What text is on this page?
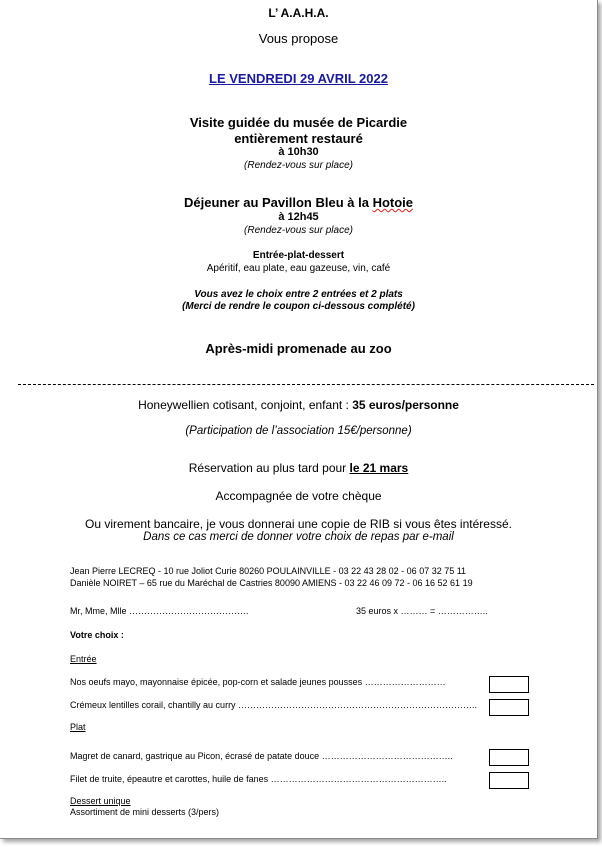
L’ A.A.H.A.
Vous propose
LE VENDREDI 29 AVRIL 2022
Visite guidée du musée de Picardie
entièrement restauré
à 10h30
(Rendez-vous sur place)
Déjeuner au Pavillon Bleu à la Hotoie
à 12h45
(Rendez-vous sur place)
Entrée-plat-dessert
Apéritif, eau plate, eau gazeuse, vin, café
Vous avez le choix entre 2 entrées et 2 plats
(Merci de rendre le coupon ci-dessous complété)
Après-midi promenade au zoo
Honeywellien cotisant, conjoint, enfant : 35 euros/personne
(Participation de l’association 15€/personne)
Réservation au plus tard pour le 21 mars
Accompagnée de votre chèque
Ou virement bancaire, je vous donnerai une copie de RIB si vous êtes intéressé.
Dans ce cas merci de donner votre choix de repas par e-mail
Jean Pierre LECREQ - 10 rue Joliot Curie 80260 POULAINVILLE - 03 22 43 28 02 - 06 07 32 75 11
Danièle NOIRET – 65 rue du Maréchal de Castries 80090 AMIENS - 03 22 46 09 72 - 06 16 52 61 19
Mr, Mme, Mlle ………………………………….	35 euros x ……… = ……………..
Votre choix :
Entrée
Nos oeufs mayo, mayonnaise épicée, pop-corn et salade jeunes pousses ………………………
Crémeux lentilles corail, chantilly au curry ……………………………………………………………………..
Plat
Magret de canard, gastrique au Picon, écrasé de patate douce ……………………………………..
Filet de truite, épeautre et carottes, huile de fanes …………………………………………………..
Dessert unique
Assortiment de mini desserts (3/pers)
